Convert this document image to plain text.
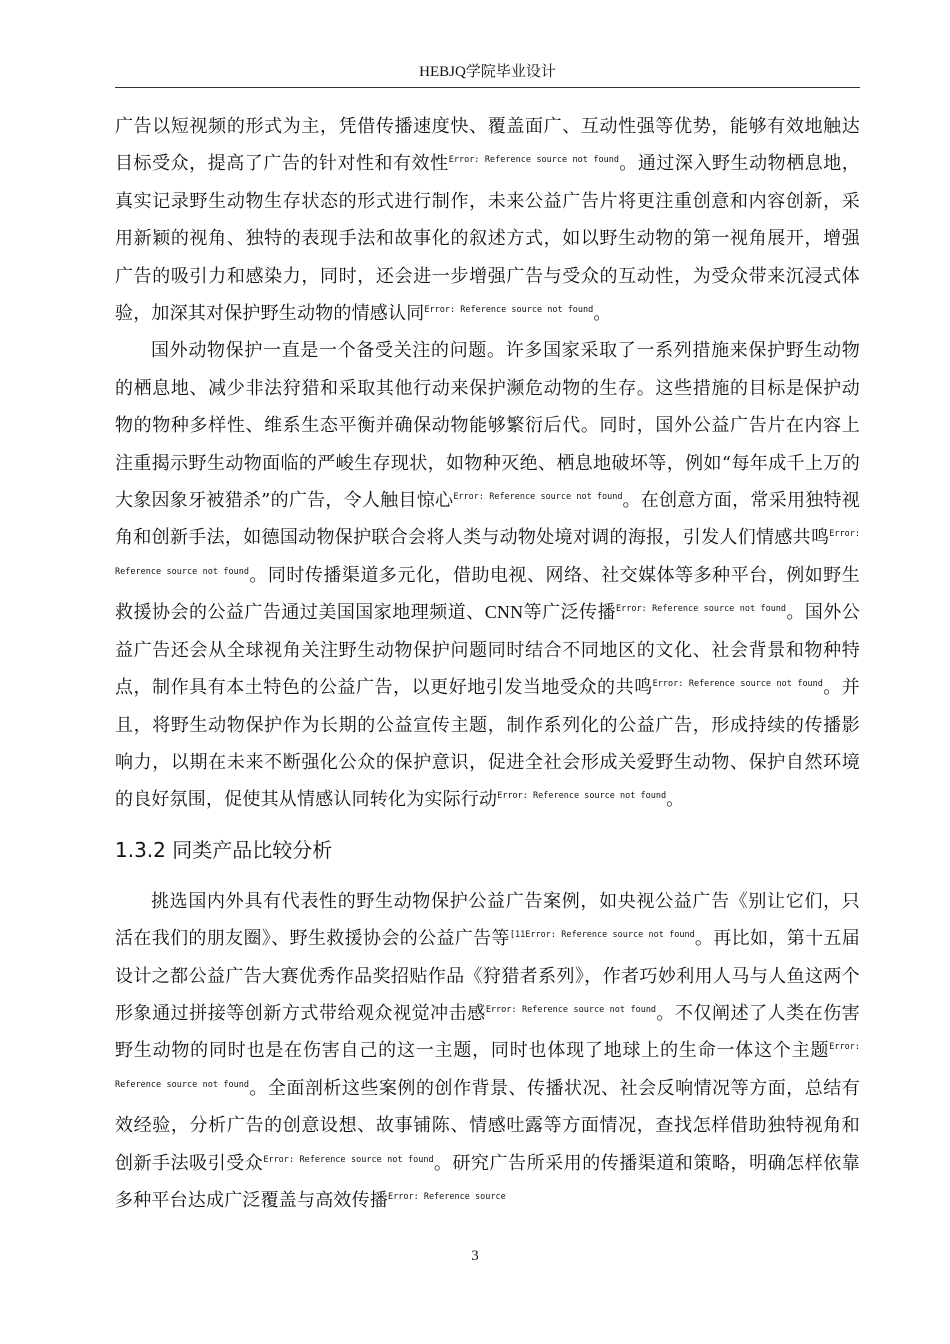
HEBJQ学院毕业设计

广告以短视频的形式为主，凭借传播速度快、覆盖面广、互动性强等优势，能够有效地触达目标受众，提高了广告的针对性和有效性$^{Error: Reference source not found}$。通过深入野生动物栖息地，真实记录野生动物生存状态的形式进行制作，未来公益广告片将更注重创意和内容创新，采用新颖的视角、独特的表现手法和故事化的叙述方式，如以野生动物的第一视角展开，增强广告的吸引力和感染力，同时，还会进一步增强广告与受众的互动性，为受众带来沉浸式体验，加深其对保护野生动物的情感认同$^{Error: Reference source not found}$。

国外动物保护一直是一个备受关注的问题。许多国家采取了一系列措施来保护野生动物的栖息地、减少非法狩猎和采取其他行动来保护濒危动物的生存。这些措施的目标是保护动物的物种多样性、维系生态平衡并确保动物能够繁衍后代。同时，国外公益广告片在内容上注重揭示野生动物面临的严峻生存现状，如物种灭绝、栖息地破坏等，例如“每年成千上万的大象因象牙被猎杀”的广告，令人触目惊心$^{Error: Reference source not found}$。在创意方面，常采用独特视角和创新手法，如德国动物保护联合会将人类与动物处境对调的海报，引发人们情感共鸣$^{Error: Reference source not found}$。同时传播渠道多元化，借助电视、网络、社交媒体等多种平台，例如野生救援协会的公益广告通过美国国家地理频道、CNN等广泛传播$^{Error: Reference source not found}$。国外公益广告还会从全球视角关注野生动物保护问题同时结合不同地区的文化、社会背景和物种特点，制作具有本土特色的公益广告，以更好地引发当地受众的共鸣$^{Error: Reference source not found}$。并且，将野生动物保护作为长期的公益宣传主题，制作系列化的公益广告，形成持续的传播影响力，以期在未来不断强化公众的保护意识，促进全社会形成关爱野生动物、保护自然环境的良好氛围，促使其从情感认同转化为实际行动$^{Error: Reference source not found}$。

1.3.2 同类产品比较分析

挑选国内外具有代表性的野生动物保护公益广告案例，如央视公益广告《别让它们，只活在我们的朋友圈》、野生救援协会的公益广告等$^{[11Error: Reference source not found}$。再比如，第十五届设计之都公益广告大赛优秀作品奖招贴作品《狩猎者系列》，作者巧妙利用人马与人鱼这两个形象通过拼接等创新方式带给观众视觉冲击感$^{Error: Reference source not found}$。不仅阐述了人类在伤害野生动物的同时也是在伤害自己的这一主题，同时也体现了地球上的生命一体这个主题$^{Error: Reference source not found}$。全面剖析这些案例的创作背景、传播状况、社会反响情况等方面，总结有效经验，分析广告的创意设想、故事铺陈、情感吐露等方面情况，查找怎样借助独特视角和创新手法吸引受众$^{Error: Reference source not found}$。研究广告所采用的传播渠道和策略，明确怎样依靠多种平台达成广泛覆盖与高效传播$^{Error: Reference source}$

3
